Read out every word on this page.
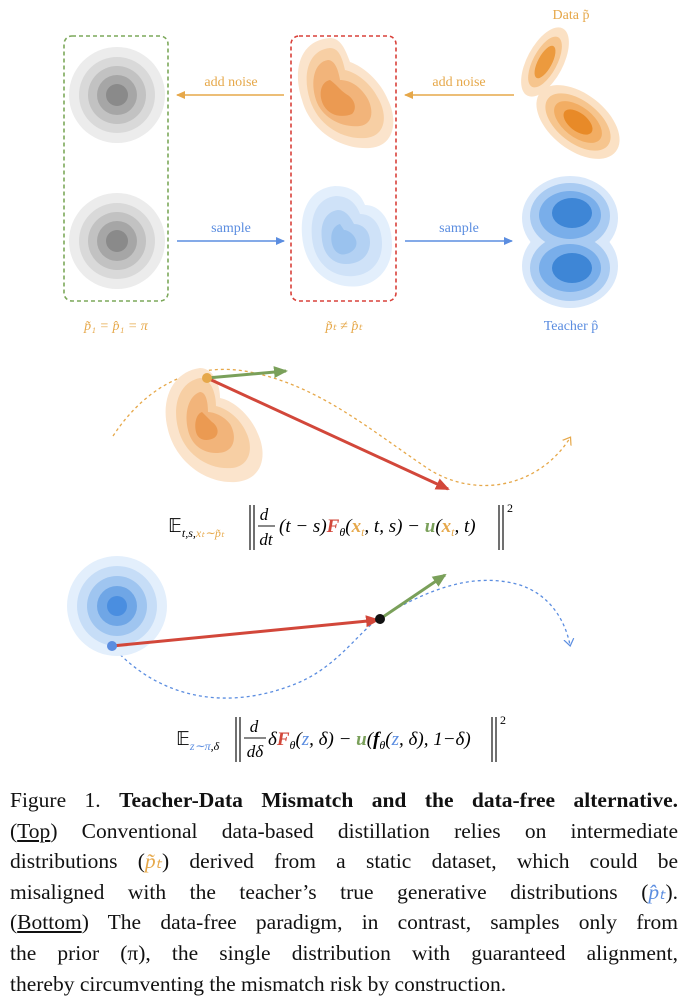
add noise	add noise
sample	sample
Data p̃
p̃₁ = p̂₁ = π	p̃ₜ ≠ p̂ₜ	Teacher p̂
𝔼$_{t,s,}$xₜ∼p̃ₜ
d
dt
$(t - s)F_\theta(x_t$, t, $s) - u(x_t$, t)
2
𝔼$_{z\sim\pi}$,δ
d
dδ
$\delta F_\theta(z$, $\delta) - u(f_\theta(z$, δ), 1−δ)
2
Figure 1. Teacher-Data Mismatch and the data-free alternative.
(Top) Conventional data-based distillation relies on intermediate
distributions (p̃ₜ) derived from a static dataset, which could be
misaligned with the teacher’s true generative distributions (p̂ₜ).
(Bottom) The data-free paradigm, in contrast, samples only from
the prior (π), the single distribution with guaranteed alignment,
thereby circumventing the mismatch risk by construction.
